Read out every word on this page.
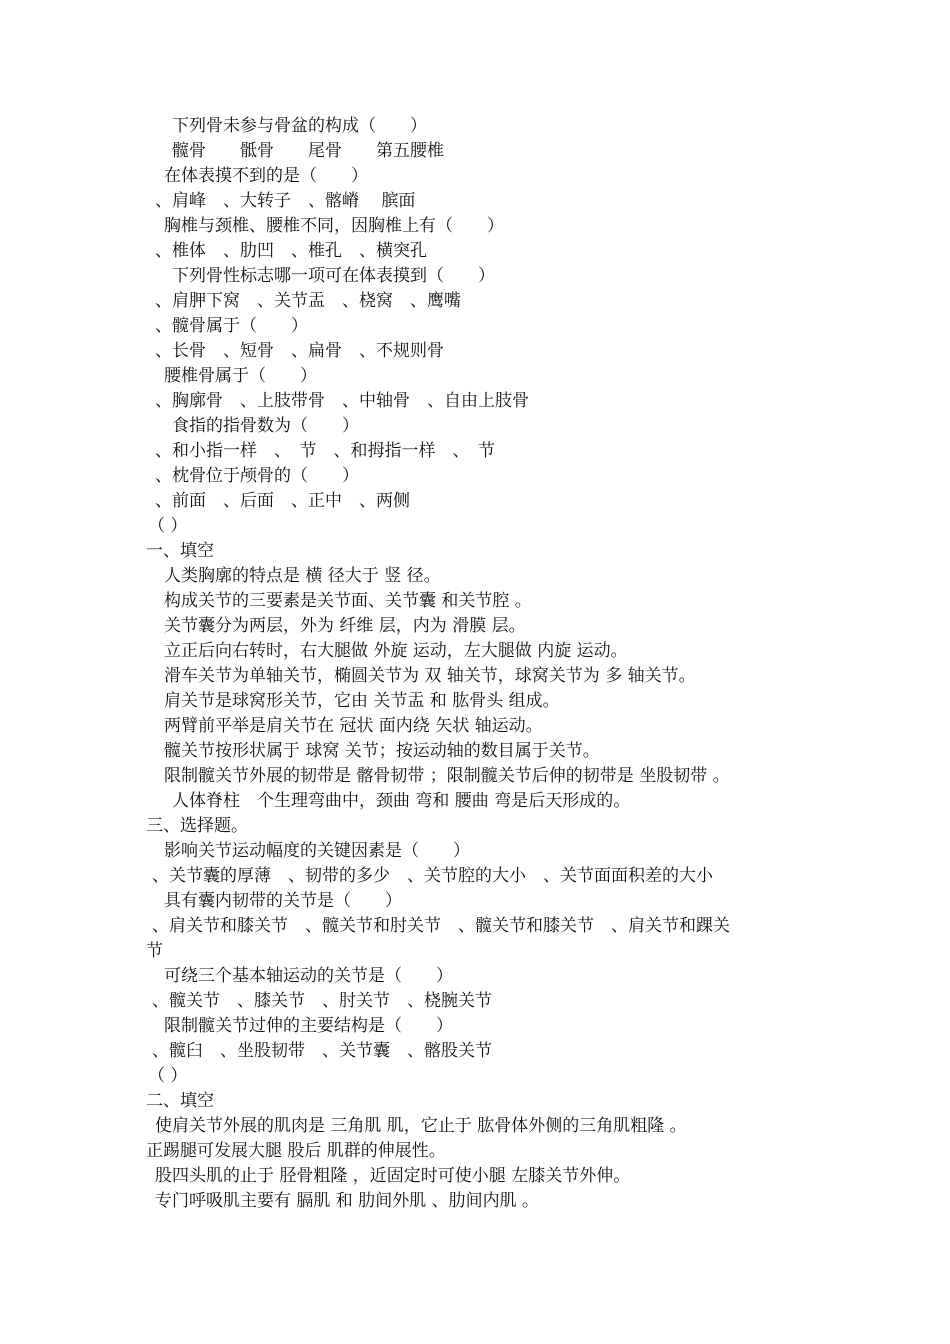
下列骨未参与骨盆的构成（　　）

髋骨　　骶骨　　尾骨　　第五腰椎

在体表摸不到的是（　　）

、肩峰　、大转子　、髂嵴　 膑面

胸椎与颈椎、腰椎不同，因胸椎上有（　　）

、椎体　、肋凹　、椎孔　、横突孔

下列骨性标志哪一项可在体表摸到（　　）

、肩胛下窝　、关节盂　、桡窝　、鹰嘴

、髋骨属于（　　）

、长骨　、短骨　、扁骨　、不规则骨

腰椎骨属于（　　）

、胸廓骨　、上肢带骨　、中轴骨　、自由上肢骨

食指的指骨数为（　　）

、和小指一样　、　节　、和拇指一样　、　节

、枕骨位于颅骨的（　　）

、前面　、后面　、正中　、两侧

（ ）

一、填空

人类胸廓的特点是 横 径大于 竖 径。

构成关节的三要素是关节面、关节囊 和关节腔 。

关节囊分为两层，外为 纤维 层，内为 滑膜 层。

立正后向右转时，右大腿做 外旋 运动，左大腿做 内旋 运动。

滑车关节为单轴关节，椭圆关节为 双 轴关节，球窝关节为 多 轴关节。

肩关节是球窝形关节，它由 关节盂 和 肱骨头 组成。

两臂前平举是肩关节在 冠状 面内绕 矢状 轴运动。

髋关节按形状属于 球窝 关节；按运动轴的数目属于关节。

限制髋关节外展的韧带是 髂骨韧带 ；限制髋关节后伸的韧带是 坐股韧带 。

人体脊柱　个生理弯曲中，颈曲 弯和 腰曲 弯是后天形成的。

三、选择题。

影响关节运动幅度的关键因素是（　　）

、关节囊的厚薄　、韧带的多少　、关节腔的大小　、关节面面积差的大小

具有囊内韧带的关节是（　　）

、肩关节和膝关节　、髋关节和肘关节　、髋关节和膝关节　、肩关节和踝关

节

可绕三个基本轴运动的关节是（　　）

、髋关节　、膝关节　、肘关节　、桡腕关节

限制髋关节过伸的主要结构是（　　）

、髋臼　、坐股韧带　、关节囊　、髂股关节

（ ）

二、填空

使肩关节外展的肌肉是 三角肌 肌，它止于 肱骨体外侧的三角肌粗隆 。

正踢腿可发展大腿 股后 肌群的伸展性。

股四头肌的止于 胫骨粗隆 ，近固定时可使小腿 左膝关节外伸。

专门呼吸肌主要有 膈肌 和 肋间外肌 、肋间内肌 。
